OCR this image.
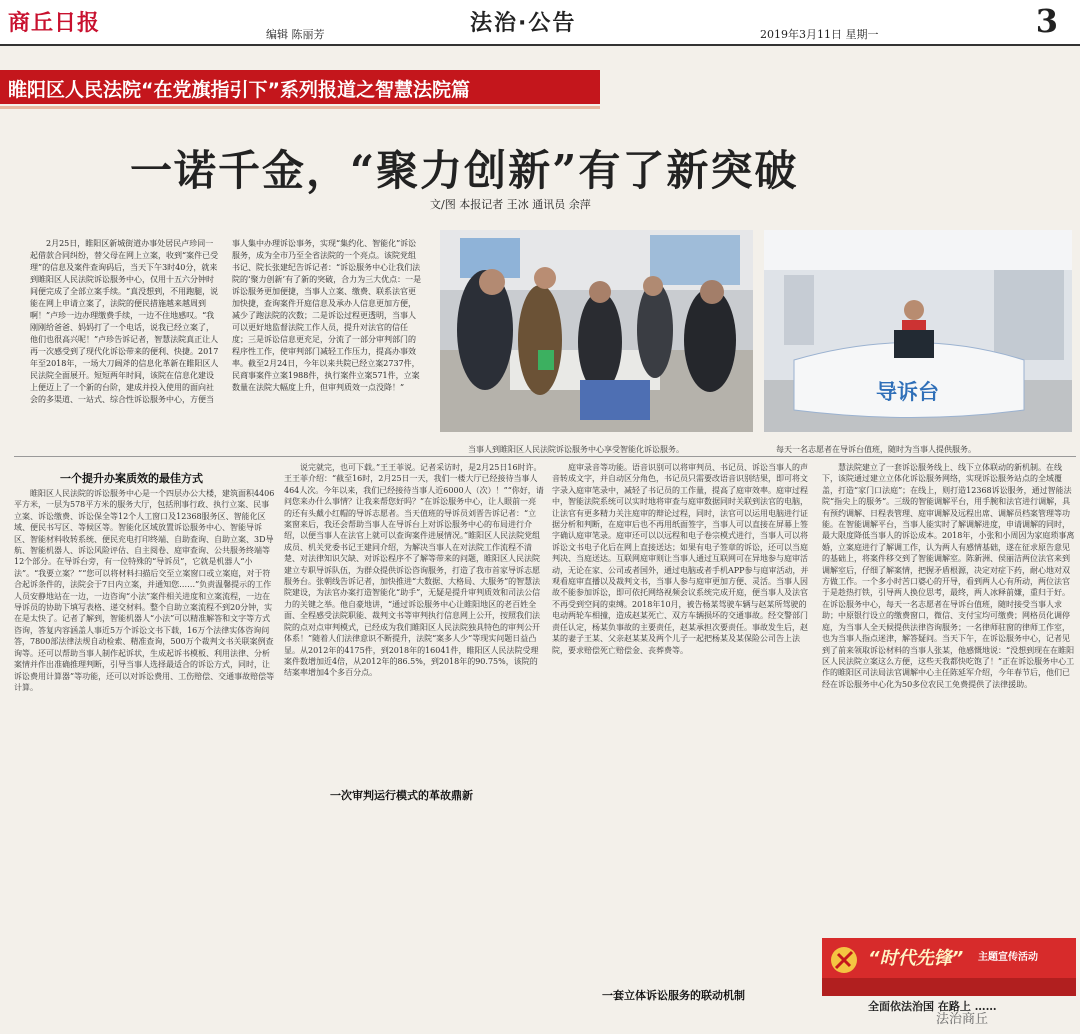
商丘日报	编辑 陈丽芳	法治·公告	2019年3月11日 星期一	3
睢阳区人民法院“在党旗指引下”系列报道之智慧法院篇
一诺千金，“聚力创新”有了新突破
文/图 本报记者 王冰 通讯员 余萍

2月25日，睢阳区新城街道办事处居民卢珍同一起借款合同纠纷，替父母在网上立案，收到“案件已受理”的信息及案件查询码后，当天下午3时40分，就来到睢阳区人民法院诉讼服务中心，仅用十五六分钟时间便完成了全部立案手续。“真没想到，不用跑腿，说能在网上申请立案了，法院的便民措施越来越周到啊！”卢珍一边办理缴费手续，一边不住地感叹。“我刚刚给爸爸、妈妈打了一个电话，说我已经立案了，他们也很高兴呢！”卢珍告诉记者，智慧法院真正让人再一次感受到了现代化诉讼带来的便利、快捷。2017年至2018年，一场大刀阔斧的信息化革新在睢阳区人民法院全面展开。短短两年时间，该院在信息化建设上便迈上了一个新的台阶，建成并投入使用的面向社会的多渠道、一站式、综合性诉讼服务中心，方便当事人集中办理诉讼事务，实现“集约化、智能化”诉讼服务，成为全市乃至全省法院的一个亮点。该院党组书记、院长张建纪告诉记者：“诉讼服务中心让我们法院的‘聚力创新’有了新的突破，合力为三大优点：一是诉讼服务更加便捷，当事人立案、缴费、联系法官更加快捷，查询案件开庭信息及承办人信息更加方便，减少了跑法院的次数；二是诉讼过程更透明，当事人可以更好地监督法院工作人员，提升对法官的信任度；三是诉讼信息更充足，分流了一部分审判部门的程序性工作，使审判部门减轻工作压力，提高办事效率。截至2月24日，今年以来共院已经立案2737件，民商事案件立案1988件，执行案件立案571件，立案数量在法院大幅度上升，但审判质效一点没降！”

当事人到睢阳区人民法院诉讼服务中心享受智能化诉讼服务。
导诉台
每天一名志愿者在导诉台值班，随时为当事人提供服务。
一个提升办案质效的最佳方式
一次审判运行模式的革故鼎新
一套立体诉讼服务的联动机制

睢阳区人民法院的诉讼服务中心是一个四层办公大楼，建筑面积4406平方米，一层为578平方米的服务大厅，包括刑事行政、执行立案、民事立案、诉讼缴费、诉讼保全等12个人工窗口及12368服务区、智能化区域、便民书写区、等候区等。智能化区域放置诉讼服务中心、智能导诉区、智能材料收转系统、便民充电打印终端、自助查询、自助立案、3D导航、智能机器人、诉讼风险评估、自主阅卷、庭审查询、公共服务终端等12个部分。在导诉台旁，有一位特殊的“导诉员”，它就是机器人“小法”。“我要立案？”“您可以将材料扫描后交至立案窗口或立案庭，对于符合起诉条件的，法院会于7日内立案，并通知您……”负责温馨提示的工作人员安静地站在一边，一边咨询“小法”案件相关进度和立案流程，一边在导诉员的协助下填写表格、递交材料。整个自助立案流程不到20分钟，实在是太快了。记者了解到，智能机器人“小法”可以精准解答和文字等方式咨询，答复内容涵盖人事近5万个诉讼文书下载，16万个法律实体咨询问答，7800部法律法规自动检索、精准查询，500万个裁判文书关联案例查询等。还可以帮助当事人制作起诉状，生成起诉书模板、利用法律、分析案情并作出准确推理判断，引导当事人选择最适合的诉讼方式，同时，让诉讼费用计算器”等功能，还可以对诉讼费用、工伤赔偿、交通事故赔偿等计算。

说完就完，也可下载。”王王菲说。记者采访时，是2月25日16时许。王王菲介绍：“截至16时，2月25日一天，我们一楼大厅已经接待当事人464人次。今年以来，我们已经接待当事人近6000人（次）！”“你好，请问您来办什么事情？让我来帮您好吗？”在诉讼服务中心，让人眼前一亮的还有头戴小红帽的导诉志愿者。当天值班的导诉员刘晋告诉记者：“立案窗来后，我还会帮助当事人在导诉台上对诉讼服务中心的布局进行介绍，以便当事人在法官上就可以查询案件进展情况。”睢阳区人民法院党组成员、机关党委书记王建同介绍，为解决当事人在对法院工作流程不清楚、对法律知识欠缺、对诉讼程序不了解等带来的问题，睢阳区人民法院建立专职导诉队伍，为群众提供诉讼咨询服务，打造了我市首家导诉志愿服务台。张朝线告诉记者，加快推进“大数据、大格局、大服务”的智慧法院建设，为法官办案打造智能化“助手”，无疑是提升审判质效和司法公信力的关键之举。他自豪地讲，“通过诉讼服务中心让睢阳地区的老百姓全面、全程感受法院职能、裁判文书等审判执行信息网上公开，按照我们法院的点对点审判模式，已经成为我们睢阳区人民法院独具特色的审判公开体系！”随着人们法律意识不断提升，法院“案多人少”等现实问题日益凸显。从2012年的4175件，到2018年的16041件，睢阳区人民法院受理案件数增加近4倍，从2012年的86.5%，到2018年的90.75%，该院的结案率增加4个多百分点。

庭审录音等功能。语音识别可以将审判员、书记员、诉讼当事人的声音转成文字，并自动区分角色，书记员只需要改语音识别结果，即可将文字录入庭审笔录中，减轻了书记员的工作量，提高了庭审效率。庭审过程中，智能法院系统可以实时地将审查与庭审数据同时关联到法官的电脑，让法官有更多精力关注庭审的辩论过程，同时，法官可以运用电脑进行证据分析和判断，在庭审后也不再用纸面签字，当事人可以直接在屏幕上签字确认庭审笔录。庭审还可以以远程和电子卷宗模式进行，当事人可以将诉讼文书电子化后在网上直接送达；如果有电子签章的诉讼，还可以当庭判决、当庭送达。互联网庭审则让当事人通过互联网可在异地参与庭审活动，无论在家、公司或者国外，通过电脑或者手机APP参与庭审活动，并观看庭审直播以及裁判文书，当事人参与庭审更加方便、灵活。当事人因故不能参加诉讼，即可依托网络视频会议系统完成开庭，便当事人及法官不再受到空间的束缚。2018年10月，被告杨某驾驶车辆与赵某所驾驶的电动两轮车相撞，造成赵某死亡、双方车辆损坏的交通事故。经交警部门责任认定，杨某负事故的主要责任，赵某承担次要责任。事故发生后，赵某的妻子王某、父亲赵某某及两个儿子一起把杨某及某保险公司告上法院，要求赔偿死亡赔偿金、丧葬费等。

慧法院建立了一套诉讼服务线上、线下立体联动的新机制。在线下，该院通过建立立体化诉讼服务网络，实现诉讼服务站点的全域覆盖，打造“家门口法庭”；在线上，则打造12368诉讼服务，通过智能法院“指尖上的服务”。三级的智能调解平台，用手腕和法官进行调解，具有预约调解、日程表管理、庭审调解及远程出席、调解员档案管理等功能。在智能调解平台，当事人能实时了解调解进度，申请调解的同时，最大限度降低当事人的诉讼成本。2018年，小张和小周因为家庭琐事离婚，立案庭进行了解调工作，认为两人有感情基础，遂在征求原告意见的基础上，将案件移交到了智能调解室。陈新洲、侯丽洁两位法官来到调解室后，仔细了解案情，把握矛盾根源，决定对症下药，耐心地对双方做工作。一个多小时苦口婆心的开导，看到两人心有所动，两位法官于是趁热打铁，引导两人换位思考，最终，两人冰释前嫌，重归于好。在诉讼服务中心，每天一名志愿者在导诉台值班，随时接受当事人求助；中原银行设立的缴费窗口，微信、支付宝均可缴费；网格员化调停庭，为当事人全天候提供法律咨询服务；一名律师驻窗的律师工作室，也为当事人指点迷津，解答疑问。当天下午，在诉讼服务中心，记者见到了前来领取诉讼材料的当事人张某，他感慨地说：“没想到现在在睢阳区人民法院立案这么方便，这些天我都快吃饱了！”正在诉讼服务中心工作的睢阳区司法局法官调解中心主任陈延军介绍，今年春节后，他们已经在诉讼服务中心化为50多位农民工免费提供了法律援助。

“时代先锋” 主题宣传活动
全面依法治国 在路上 ……
法治商丘
